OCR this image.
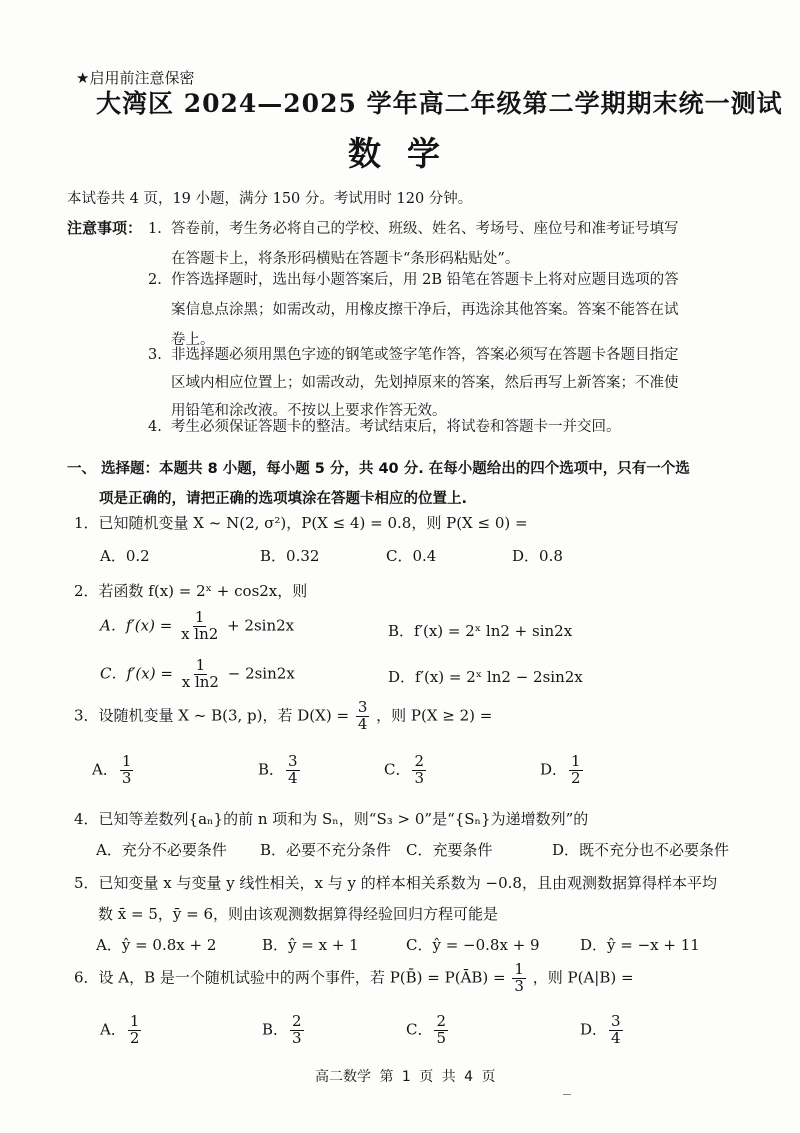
★启用前注意保密
大湾区 2024—2025 学年高二年级第二学期期末统一测试
数学
本试卷共 4 页，19 小题，满分 150 分。考试用时 120 分钟。
注意事项： 1. 答卷前，考生务必将自己的学校、班级、姓名、考场号、座位号和准考证号填写
在答题卡上，将条形码横贴在答题卡“条形码粘贴处”。
2. 作答选择题时，选出每小题答案后，用 2B 铅笔在答题卡上将对应题目选项的答
案信息点涂黑；如需改动，用橡皮擦干净后，再选涂其他答案。答案不能答在试
卷上。
3. 非选择题必须用黑色字迹的钢笔或签字笔作答，答案必须写在答题卡各题目指定
区域内相应位置上；如需改动，先划掉原来的答案，然后再写上新答案；不准使
用铅笔和涂改液。不按以上要求作答无效。
4. 考生必须保证答题卡的整洁。考试结束后，将试卷和答题卡一并交回。
一、 选择题：本题共 8 小题，每小题 5 分，共 40 分. 在每小题给出的四个选项中，只有一个选
项是正确的，请把正确的选项填涂在答题卡相应的位置上.
1．已知随机变量 X ~ N(2, σ²)，P(X ≤ 4) = 0.8，则 P(X ≤ 0) =
A．0.2	B．0.32	C．0.4	D．0.8
2．若函数 f(x) = 2ˣ + cos2x，则
A．$f'(x) = \frac{1}{\text{x ln2}} + 2\sin 2x$	B．f′(x) = 2ˣ ln2 + sin2x
C．$f'(x) = \frac{1}{\text{x ln2}} - 2\sin 2x$	D．f′(x) = 2ˣ ln2 − 2sin2x
3．设随机变量 X ~ B(3, p)，若 $D(X) = \frac{3}{4}$ ，则 P(X ≥ 2) =
A． $\frac{1}{3}$	B． $\frac{3}{4}$	C． $\frac{2}{3}$	D． $\frac{1}{2}$
4．已知等差数列{aₙ}的前 n 项和为 Sₙ，则“S₃ > 0”是“{Sₙ}为递增数列”的
A．充分不必要条件 B．必要不充分条件 C．充要条件	D．既不充分也不必要条件
5．已知变量 x 与变量 y 线性相关，x 与 y 的样本相关系数为 −0.8，且由观测数据算得样本平均
数 x̄ = 5，ȳ = 6，则由该观测数据算得经验回归方程可能是
A．ŷ = 0.8x + 2	B．ŷ = x + 1	C．ŷ = −0.8x + 9	D．ŷ = −x + 11
6．设 A，B 是一个随机试验中的两个事件，若 P(B̄) = P(ĀB) = $\frac{1}{3}$ ，则 P(A|B) =
A． $\frac{1}{2}$	B． $\frac{2}{3}$	C． $\frac{2}{5}$	D． $\frac{3}{4}$
高二数学 第 1 页 共 4 页
